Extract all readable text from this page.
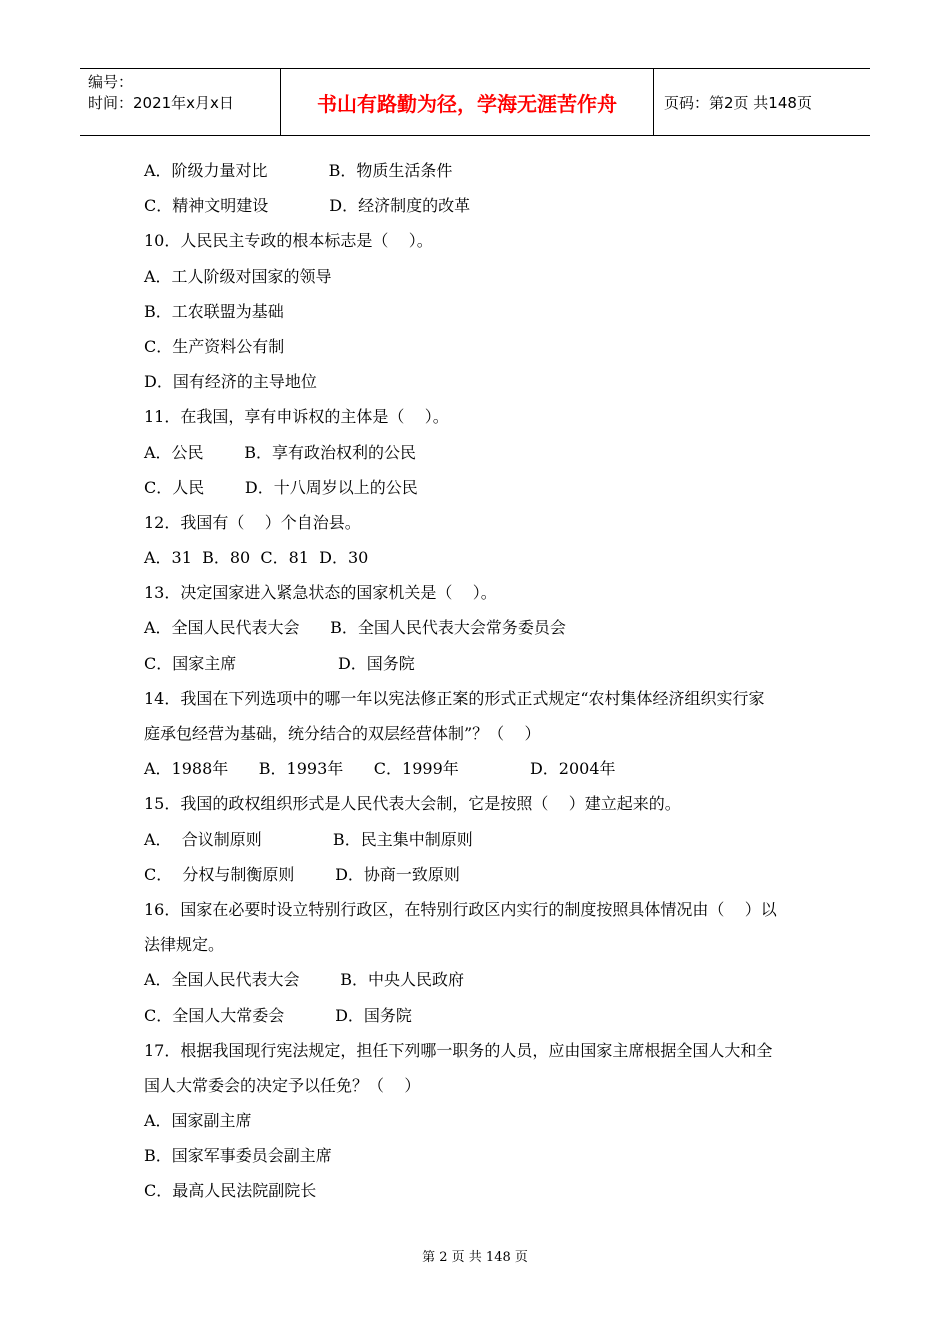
编号：
时间：2021年x月x日	书山有路勤为径，学海无涯苦作舟	页码：第2页 共148页
A．阶级力量对比            B．物质生活条件
C．精神文明建设            D．经济制度的改革
10．人民民主专政的根本标志是（    ）。
A．工人阶级对国家的领导
B．工农联盟为基础
C．生产资料公有制
D．国有经济的主导地位
11．在我国，享有申诉权的主体是（    ）。
A．公民        B．享有政治权利的公民
C．人民        D．十八周岁以上的公民
12．我国有（    ）个自治县。
A．31  B．80  C．81  D．30
13．决定国家进入紧急状态的国家机关是（    ）。
A．全国人民代表大会      B．全国人民代表大会常务委员会
C．国家主席                    D．国务院
14．我国在下列选项中的哪一年以宪法修正案的形式正式规定“农村集体经济组织实行家
庭承包经营为基础，统分结合的双层经营体制”？（    ）
A．1988年      B．1993年      C．1999年              D．2004年
15．我国的政权组织形式是人民代表大会制，它是按照（    ）建立起来的。
A．  合议制原则              B．民主集中制原则
C．  分权与制衡原则        D．协商一致原则
16．国家在必要时设立特别行政区，在特别行政区内实行的制度按照具体情况由（    ）以
法律规定。
A．全国人民代表大会        B．中央人民政府
C．全国人大常委会          D．国务院
17．根据我国现行宪法规定，担任下列哪一职务的人员，应由国家主席根据全国人大和全
国人大常委会的决定予以任免？（    ）
A．国家副主席
B．国家军事委员会副主席
C．最高人民法院副院长
第 2 页 共 148 页
